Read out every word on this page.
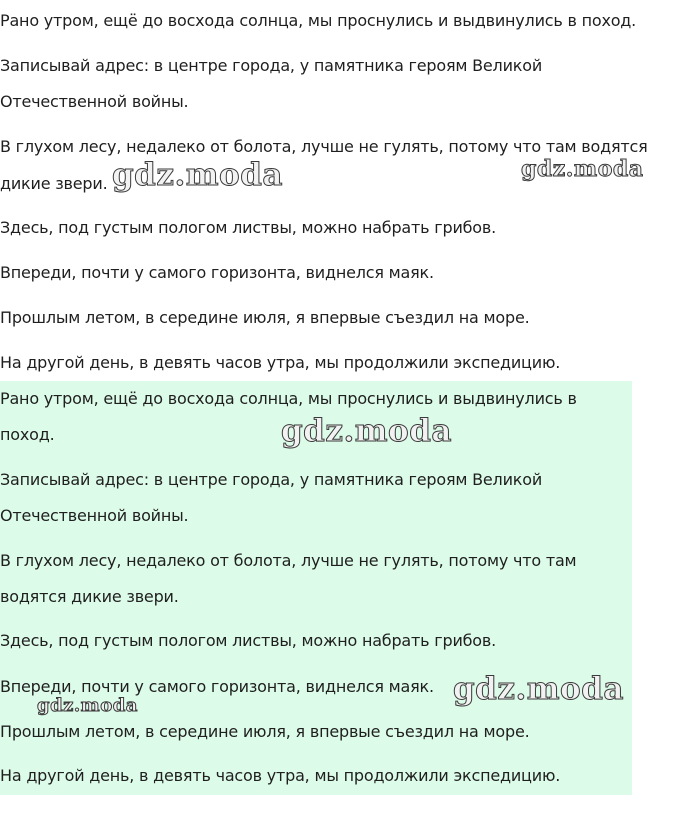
Рано утром, ещё до восхода солнца, мы проснулись и выдвинулись в поход.

Записывай адрес: в центре города, у памятника героям Великой

Отечественной войны.

В глухом лесу, недалеко от болота, лучше не гулять, потому что там водятся

дикие звери.

Здесь, под густым пологом листвы, можно набрать грибов.

Впереди, почти у самого горизонта, виднелся маяк.

Прошлым летом, в середине июля, я впервые съездил на море.

На другой день, в девять часов утра, мы продолжили экспедицию.

Рано утром, ещё до восхода солнца, мы проснулись и выдвинулись в поход.

Записывай адрес: в центре города, у памятника героям Великой Отечественной войны.

В глухом лесу, недалеко от болота, лучше не гулять, потому что там водятся дикие звери.

Здесь, под густым пологом листвы, можно набрать грибов.

Впереди, почти у самого горизонта, виднелся маяк.

Прошлым летом, в середине июля, я впервые съездил на море.

На другой день, в девять часов утра, мы продолжили экспедицию.

gdz.moda	gdz.moda
gdz.moda
gdz.moda
gdz.moda
